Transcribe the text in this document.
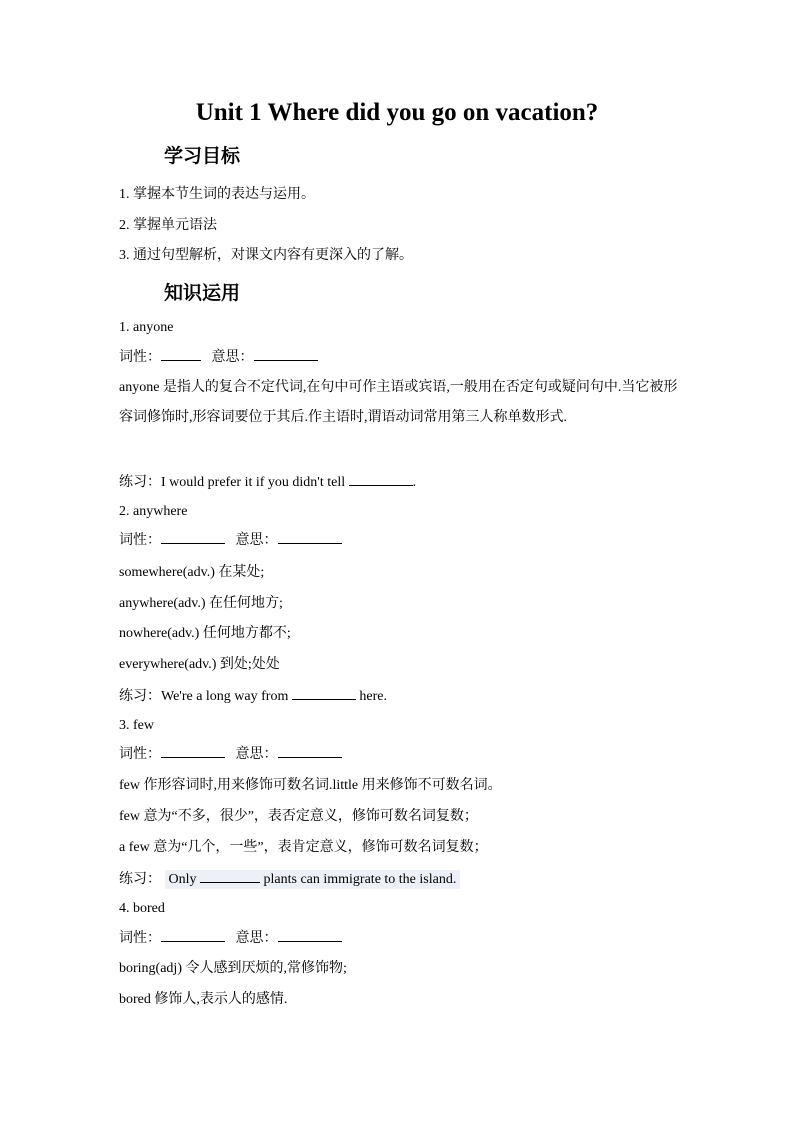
Unit 1 Where did you go on vacation?
学习目标
1. 掌握本节生词的表达与运用。
2. 掌握单元语法
3. 通过句型解析，对课文内容有更深入的了解。
知识运用
1. anyone
词性：	意思：
anyone 是指人的复合不定代词,在句中可作主语或宾语,一般用在否定句或疑问句中.当它被形容词修饰时,形容词要位于其后.作主语时,谓语动词常用第三人称单数形式.
练习：I would prefer it if you didn't tell	.
2. anywhere
词性：	意思：
somewhere(adv.) 在某处;
anywhere(adv.) 在任何地方;
nowhere(adv.) 任何地方都不;
everywhere(adv.) 到处;处处
练习：We're a long way from	here.
3. few
词性：	意思：
few 作形容词时,用来修饰可数名词.little 用来修饰不可数名词。
few 意为“不多，很少”，表否定意义，修饰可数名词复数；
a few 意为“几个，一些”，表肯定意义，修饰可数名词复数；
练习： Only	plants can immigrate to the island.
4. bored
词性：	意思：
boring(adj) 令人感到厌烦的,常修饰物;
bored 修饰人,表示人的感情.
